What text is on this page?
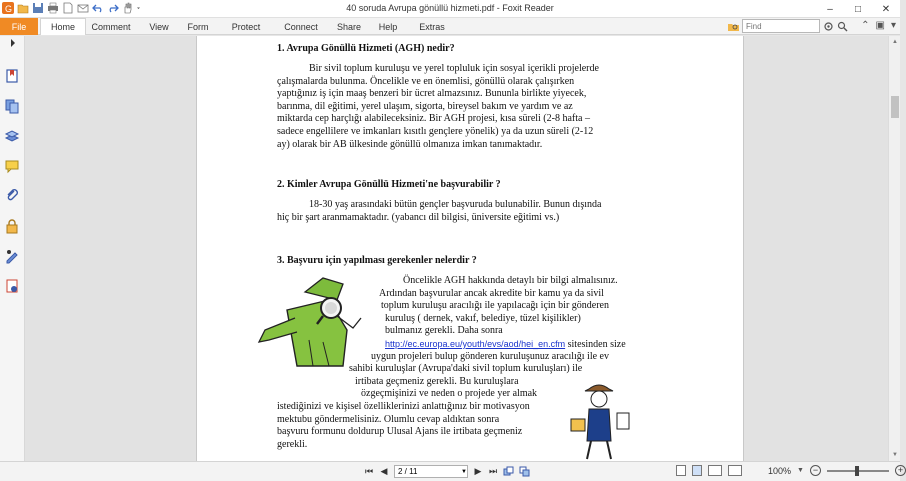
G	40 soruda Avrupa gönüllü hizmeti.pdf - Foxit Reader	–	□	✕
File	Home	Comment	View	Form	Protect	Connect	Share	Help	Extras
Find	⌃ ▣ ▾
1. Avrupa Gönüllü Hizmeti (AGH) nedir?
Bir sivil toplum kuruluşu ve yerel topluluk için sosyal içerikli projelerde
çalışmalarda bulunma. Öncelikle ve en önemlisi, gönüllü olarak çalışırken
yaptığınız iş için maaş benzeri bir ücret almazsınız. Bununla birlikte yiyecek,
barınma, dil eğitimi, yerel ulaşım, sigorta, bireysel bakım ve yardım ve az
miktarda cep harçlığı alabileceksiniz. Bir AGH projesi, kısa süreli (2-8 hafta –
sadece engellilere ve imkanları kısıtlı gençlere yönelik) ya da uzun süreli (2-12
ay) olarak bir AB ülkesinde gönüllü olmanıza imkan tanımaktadır.
2. Kimler Avrupa Gönüllü Hizmeti'ne başvurabilir ?
18-30 yaş arasındaki bütün gençler başvuruda bulunabilir. Bunun dışında
hiç bir şart aranmamaktadır. (yabancı dil bilgisi, üniversite eğitimi vs.)
3. Başvuru için yapılması gerekenler nelerdir ?
Öncelikle AGH hakkında detaylı bir bilgi almalısınız.
Ardından başvurular ancak akredite bir kamu ya da sivil
toplum kuruluşu aracılığı ile yapılacağı için bir gönderen
kuruluş ( dernek, vakıf, belediye, tüzel kişilikler)
bulmanız gerekli. Daha sonra
http://ec.europa.eu/youth/evs/aod/hei_en.cfm sitesinden size
uygun projeleri bulup gönderen kuruluşunuz aracılığı ile ev
sahibi kuruluşlar (Avrupa'daki sivil toplum kuruluşları) ile
irtibata geçmeniz gerekli. Bu kuruluşlara
özgeçmişinizi ve neden o projede yer almak
istediğinizi ve kişisel özelliklerinizi anlattığınız bir motivasyon
mektubu göndermelisiniz. Olumlu cevap aldıktan sonra
başvuru formunu doldurup Ulusal Ajans ile irtibata geçmeniz
gerekli.
▲
▼
⏮ ◀ 2 / 11	▼ ▶ ⏭	100% ▼ −	+
